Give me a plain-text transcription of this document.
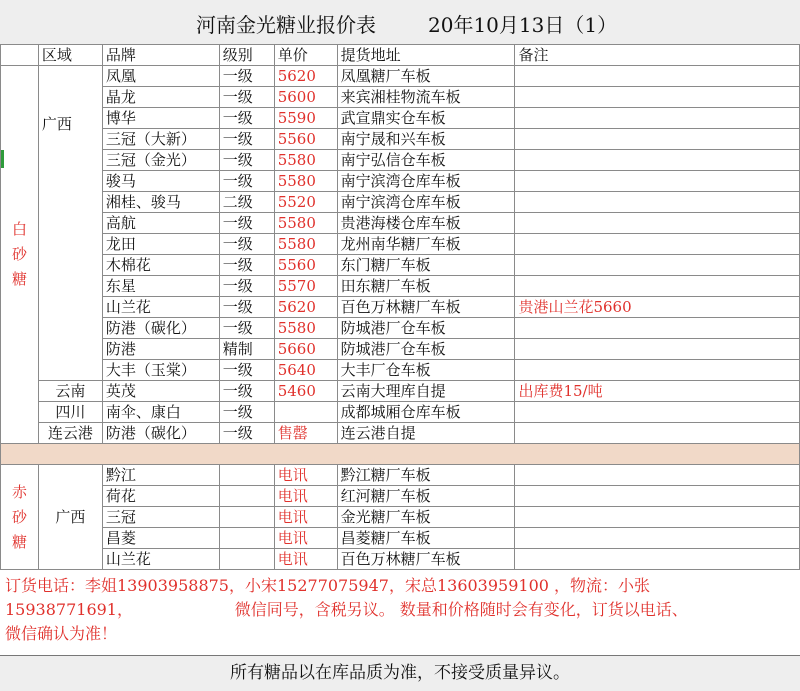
河南金光糖业报价表	20年10月13日（1）
	区域	品牌	级别	单价	提货地址	备注

白
砂
糖	广西	凤凰	一级	5620	凤凰糖厂车板	
		晶龙	一级	5600	来宾湘桂物流车板	
		博华	一级	5590	武宣鼎实仓车板	
		三冠（大新）	一级	5560	南宁晟和兴车板	
		三冠（金光）	一级	5580	南宁弘信仓车板	
		骏马	一级	5580	南宁滨湾仓库车板	
		湘桂、骏马	二级	5520	南宁滨湾仓库车板	
		高航	一级	5580	贵港海楼仓库车板	
		龙田	一级	5580	龙州南华糖厂车板	
		木棉花	一级	5560	东门糖厂车板	
		东星	一级	5570	田东糖厂车板	
		山兰花	一级	5620	百色万林糖厂车板	贵港山兰花5660
		防港（碳化）	一级	5580	防城港厂仓车板	
		防港	精制	5660	防城港厂仓车板	
		大丰（玉棠）	一级	5640	大丰厂仓车板	
	云南	英茂	一级	5460	云南大理库自提	出库费15/吨
	四川	南伞、康白	一级		成都城厢仓库车板	
	连云港	防港（碳化）	一级	售罄	连云港自提	

赤
砂
糖	广西	黔江		电讯	黔江糖厂车板	
		荷花		电讯	红河糖厂车板	
		三冠		电讯	金光糖厂车板	
		昌菱		电讯	昌菱糖厂车板	
		山兰花		电讯	百色万林糖厂车板	
订货电话：李姐13903958875，小宋15277075947，宋总13603959100 ，物流：小张
15938771691，                    微信同号，含税另议。 数量和价格随时会有变化，订货以电话、
微信确认为准！
所有糖品以在库品质为准，不接受质量异议。
